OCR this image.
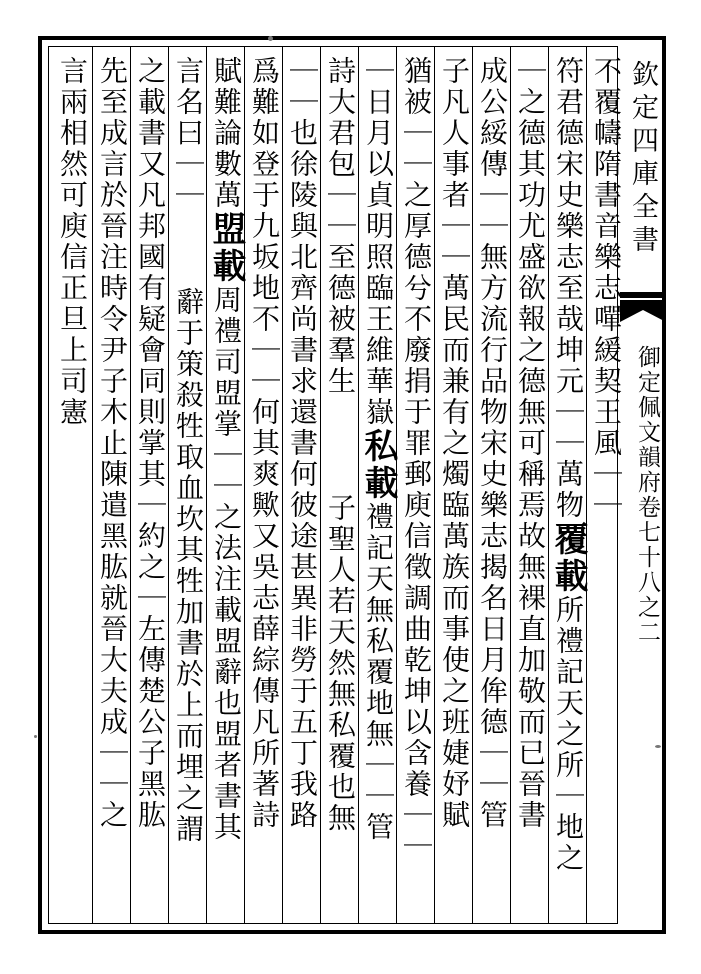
欽定四庫全書
御定佩文韻府卷七十八之二
不覆幬隋書音樂志嘽緩契王風｜｜
符君德宋史樂志至哉坤元｜｜萬物覆載所禮記天之所｜地之
｜之德其功尤盛欲報之德無可稱焉故無裸直加敬而已晉書
成公綏傳｜｜無方流行品物宋史樂志揭名日月侔德｜｜管
子凡人事者｜｜萬民而兼有之燭臨萬族而事使之班婕妤賦
猶被｜｜之厚德兮不廢捐于罪郵庾信徵調曲乾坤以含養｜｜
｜日月以貞明照臨王維華嶽私載禮記天無私覆地無｜｜管
詩大君包｜｜至德被羣生子聖人若天然無私覆也無
｜｜也徐陵與北齊尚書求還書何彼途甚異非勞于五丁我路
爲難如登于九坂地不｜｜何其爽歟又吳志薛綜傳凡所著詩
賦難論數萬盟載周禮司盟掌｜｜之法注載盟辭也盟者書其
言名曰｜｜辭于策殺牲取血坎其牲加書於上而埋之謂
之載書又凡邦國有疑會同則掌其｜約之｜左傳楚公子黑肱
先至成言於晉注時令尹子木止陳遣黑肱就晉大夫成｜｜之
言兩相然可庾信正旦上司憲
